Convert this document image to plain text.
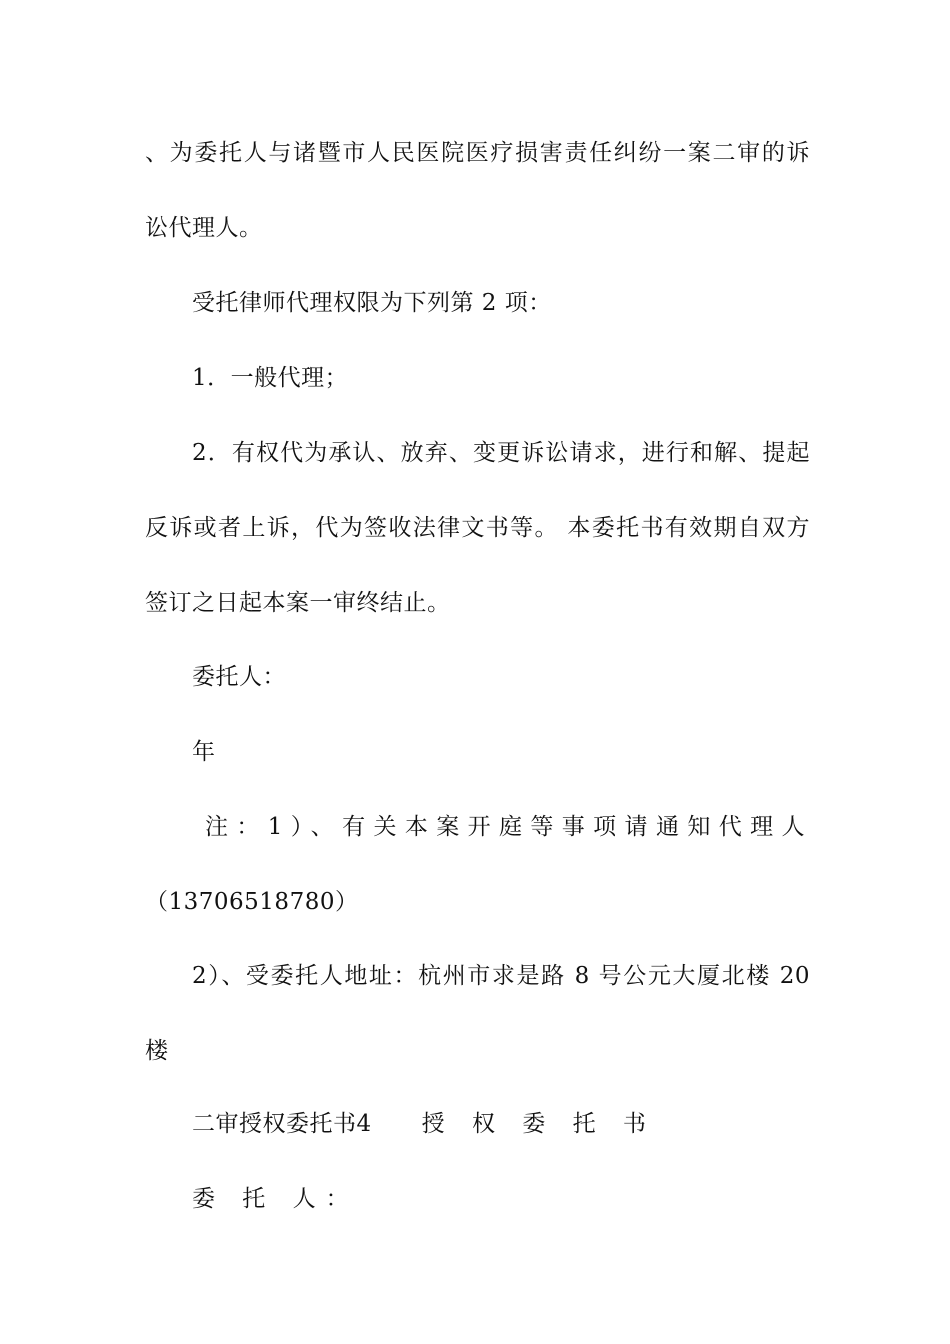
、为委托人与诸暨市人民医院医疗损害责任纠纷一案二审的诉
讼代理人。
受托律师代理权限为下列第 2 项：
1．一般代理；
2．有权代为承认、放弃、变更诉讼请求，进行和解、提起
反诉或者上诉，代为签收法律文书等。 本委托书有效期自双方
签订之日起本案一审终结止。
委托人：
年
注：1）、有关本案开庭等事项请通知代理人
（13706518780）
2）、受委托人地址：杭州市求是路 8 号公元大厦北楼 20
楼
二审授权委托书4 授 权 委 托 书
委 托 人：
